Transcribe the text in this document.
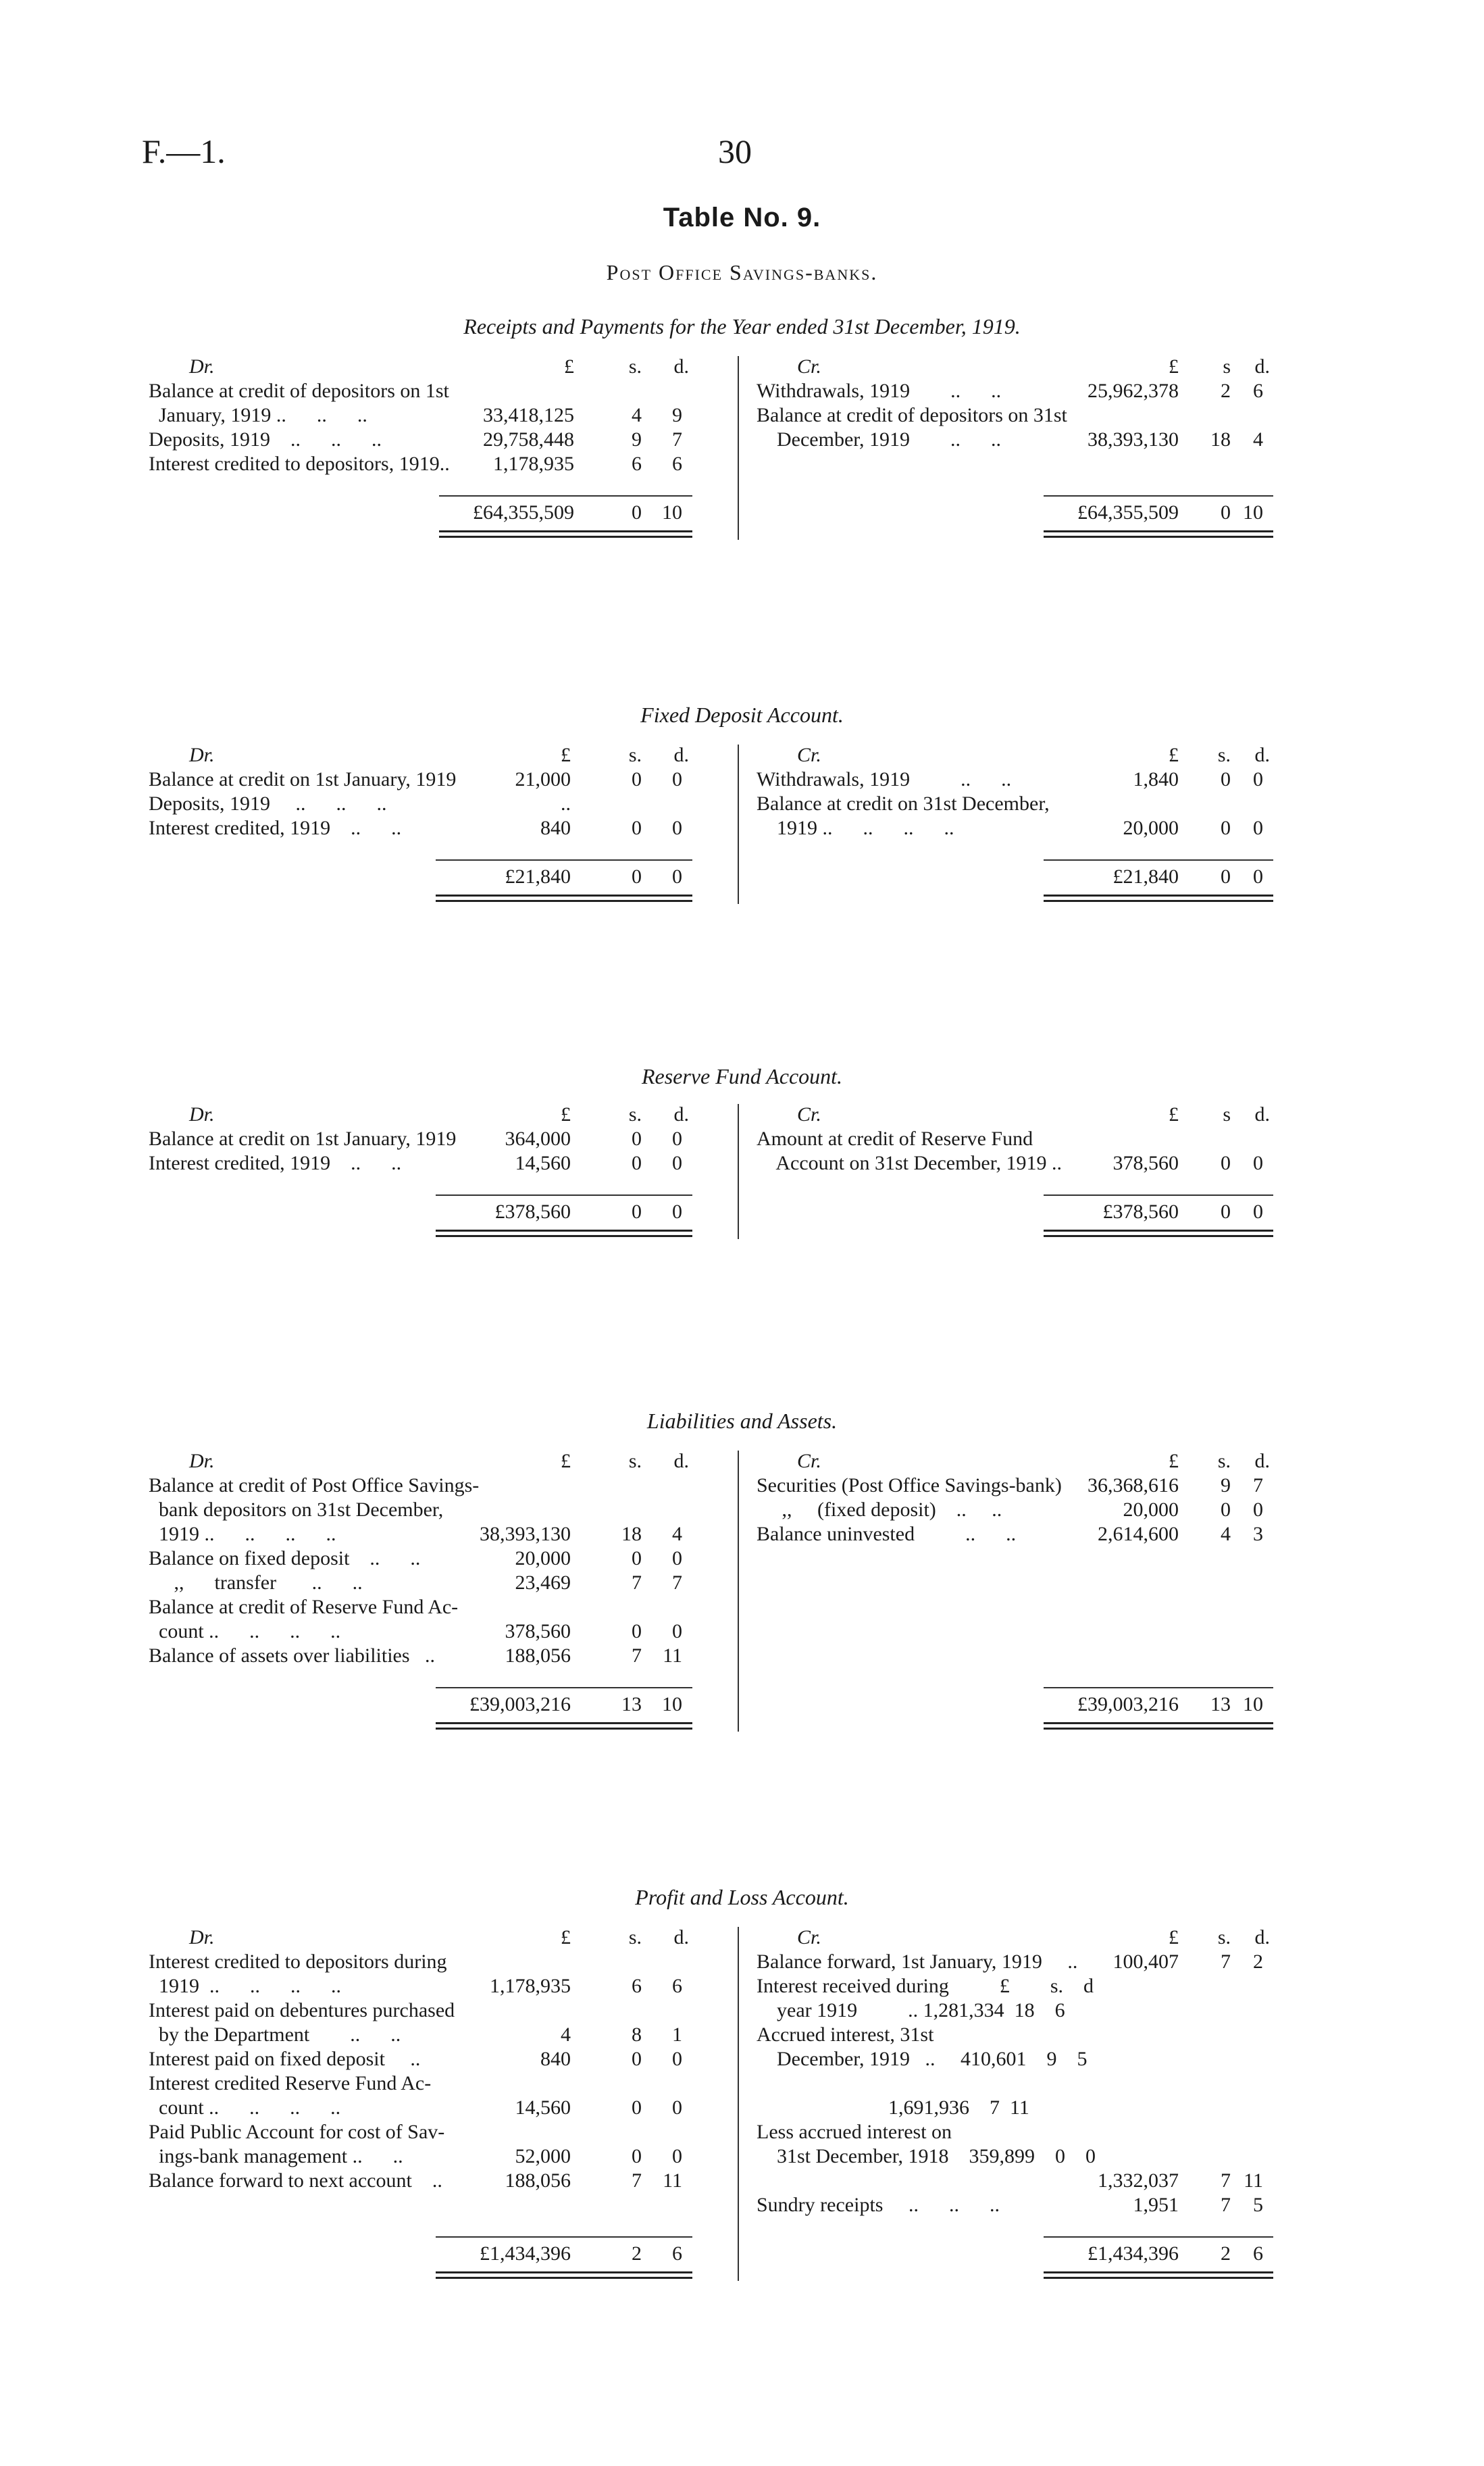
F.—1.	30
Table No. 9.
Post Office Savings-banks.
Receipts and Payments for the Year ended 31st December, 1919.
Dr.	£	s.	d.
Balance at credit of depositors on 1st
January, 1919 ..      ..      ..	33,418,125	4	9
Deposits, 1919    ..      ..      ..	29,758,448	9	7
Interest credited to depositors, 1919..	1,178,935	6	6
£64,355,509	0	10
Cr.	£	s	d.
Withdrawals, 1919        ..      ..	25,962,378	2	6
Balance at credit of depositors on 31st
December, 1919        ..      ..	38,393,130	18	4
£64,355,509	0 10
Fixed Deposit Account.
Dr.	£	s.	d.
Balance at credit on 1st January, 1919	21,000	0	0
Deposits, 1919     ..      ..      ..	..
Interest credited, 1919    ..      ..	840	0	0
£21,840	0	0
Cr.	£	s.	d.
Withdrawals, 1919          ..      ..	1,840	0	0
Balance at credit on 31st December,
1919 ..      ..      ..      ..	20,000	0	0
£21,840	0	0
Reserve Fund Account.
Dr.	£	s.	d.
Balance at credit on 1st January, 1919	364,000	0	0
Interest credited, 1919    ..      ..	14,560	0	0
£378,560	0	0
Cr.	£	s	d.
Amount at credit of Reserve Fund
Account on 31st December, 1919 ..	378,560	0	0
£378,560	0	0
Liabilities and Assets.
Dr.	£	s.	d.
Balance at credit of Post Office Savings-
bank depositors on 31st December,
1919 ..      ..      ..      ..	38,393,130	18	4
Balance on fixed deposit    ..      ..	20,000	0	0
,,      transfer       ..      ..	23,469	7	7
Balance at credit of Reserve Fund Ac-
count ..      ..      ..      ..	378,560	0	0
Balance of assets over liabilities   ..	188,056	7	11
£39,003,216	13	10
Cr.	£	s.	d.
Securities (Post Office Savings-bank)	36,368,616	9	7
,,     (fixed deposit)    ..     ..	20,000	0	0
Balance uninvested          ..      ..	2,614,600	4	3
£39,003,216	13 10
Profit and Loss Account.
Dr.	£	s.	d.
Interest credited to depositors during
1919  ..      ..      ..      ..	1,178,935	6	6
Interest paid on debentures purchased
by the Department        ..      ..	4	8	1
Interest paid on fixed deposit     ..	840	0	0
Interest credited Reserve Fund Ac-
count ..      ..      ..      ..	14,560	0	0
Paid Public Account for cost of Sav-
ings-bank management ..      ..	52,000	0	0
Balance forward to next account    ..	188,056	7	11
£1,434,396	2	6
Cr.	£	s.	d.
Balance forward, 1st January, 1919     ..	100,407	7	2
Interest received during          £        s.    d
year 1919          .. 1,281,334  18    6
Accrued interest, 31st
December, 1919   ..     410,601    9    5
1,691,936    7  11
Less accrued interest on
31st December, 1918    359,899    0    0
1,332,037	7 11
Sundry receipts     ..      ..      ..	1,951	7	5
£1,434,396	2	6
